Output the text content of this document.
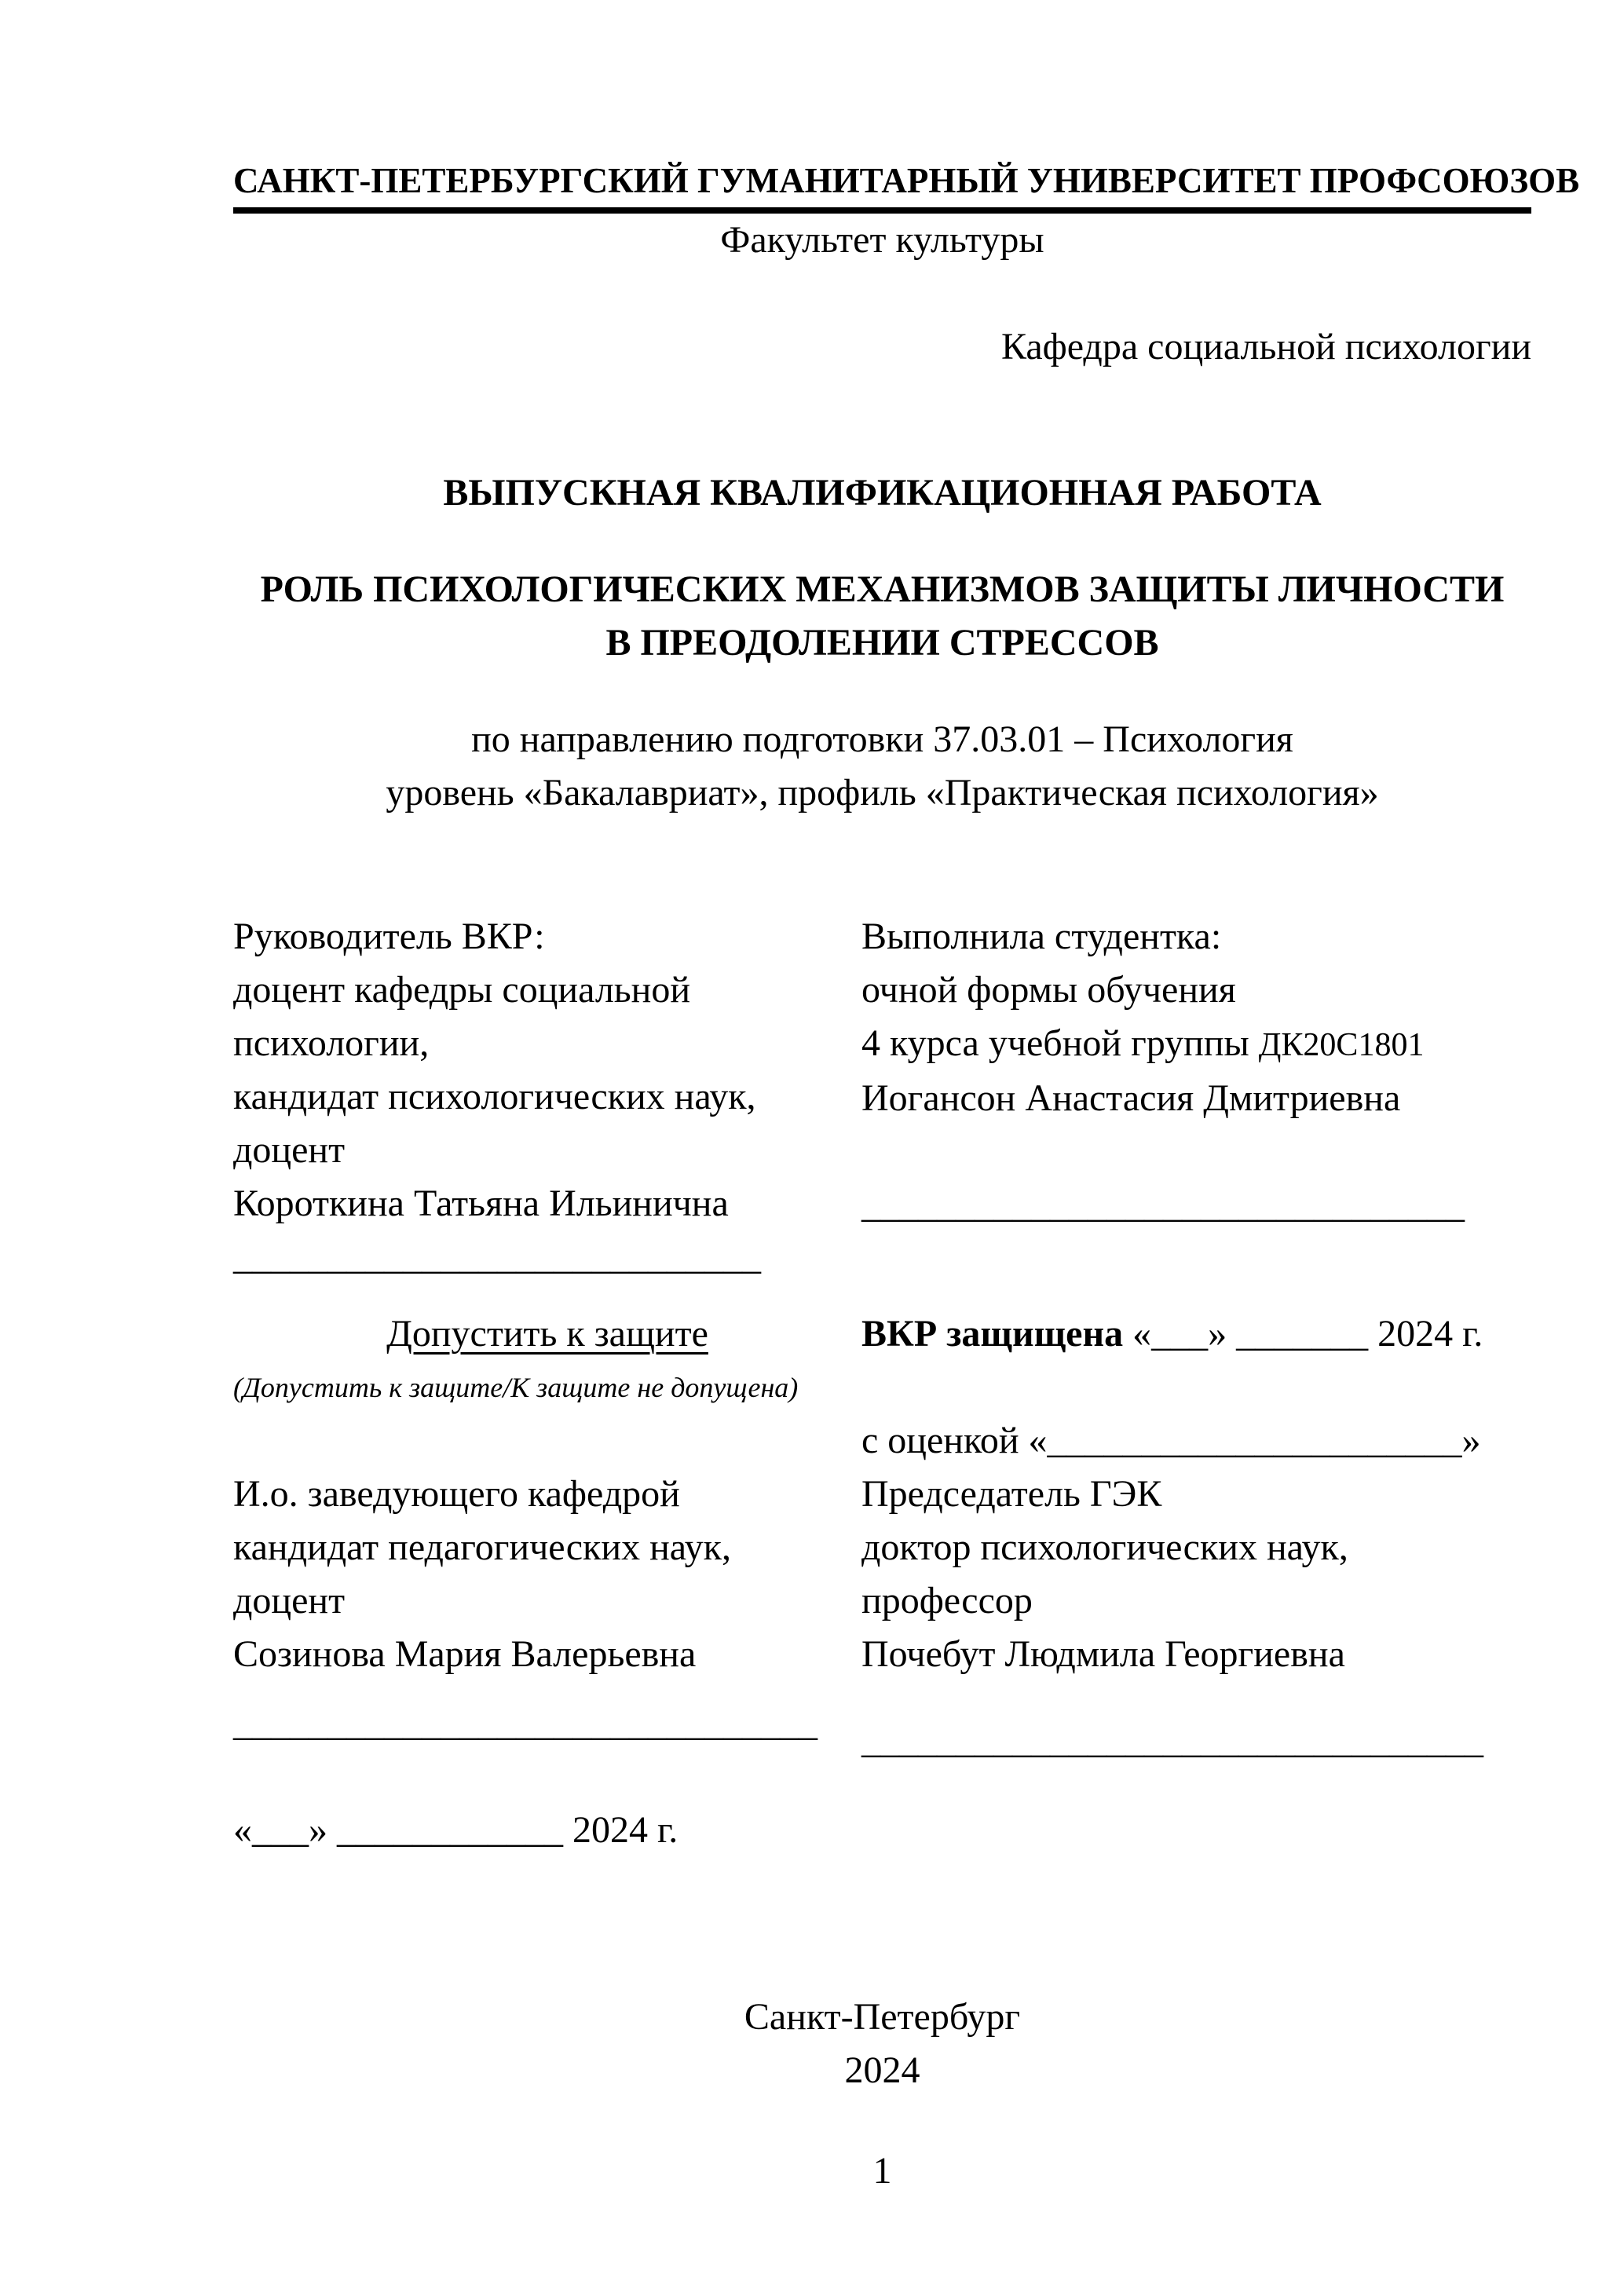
САНКТ-ПЕТЕРБУРГСКИЙ ГУМАНИТАРНЫЙ УНИВЕРСИТЕТ ПРОФСОЮЗОВ
Факультет культуры

Кафедра социальной психологии
ВЫПУСКНАЯ КВАЛИФИКАЦИОННАЯ РАБОТА
РОЛЬ ПСИХОЛОГИЧЕСКИХ МЕХАНИЗМОВ ЗАЩИТЫ ЛИЧНОСТИ
В ПРЕОДОЛЕНИИ СТРЕССОВ
по направлению подготовки 37.03.01 – Психология
уровень «Бакалавриат», профиль «Практическая психология»
Руководитель ВКР:
доцент кафедры социальной
психологии,
кандидат психологических наук,
доцент
Короткина Татьяна Ильинична
____________________________
Выполнила студентка:
очной формы обучения
4 курса учебной группы ДК20С1801
Иогансон Анастасия Дмитриевна

________________________________
Допустить к защите
(Допустить к защите/К защите не допущена)

И.о. заведующего кафедрой
кандидат педагогических наук,
доцент
Созинова Мария Валерьевна
ВКР защищена «___» _______ 2024 г.

с оценкой «______________________»
Председатель ГЭК
доктор психологических наук,
профессор
Почебут Людмила Георгиевна
_______________________________	_________________________________
«___» ____________ 2024 г.
Санкт-Петербург
2024
1
